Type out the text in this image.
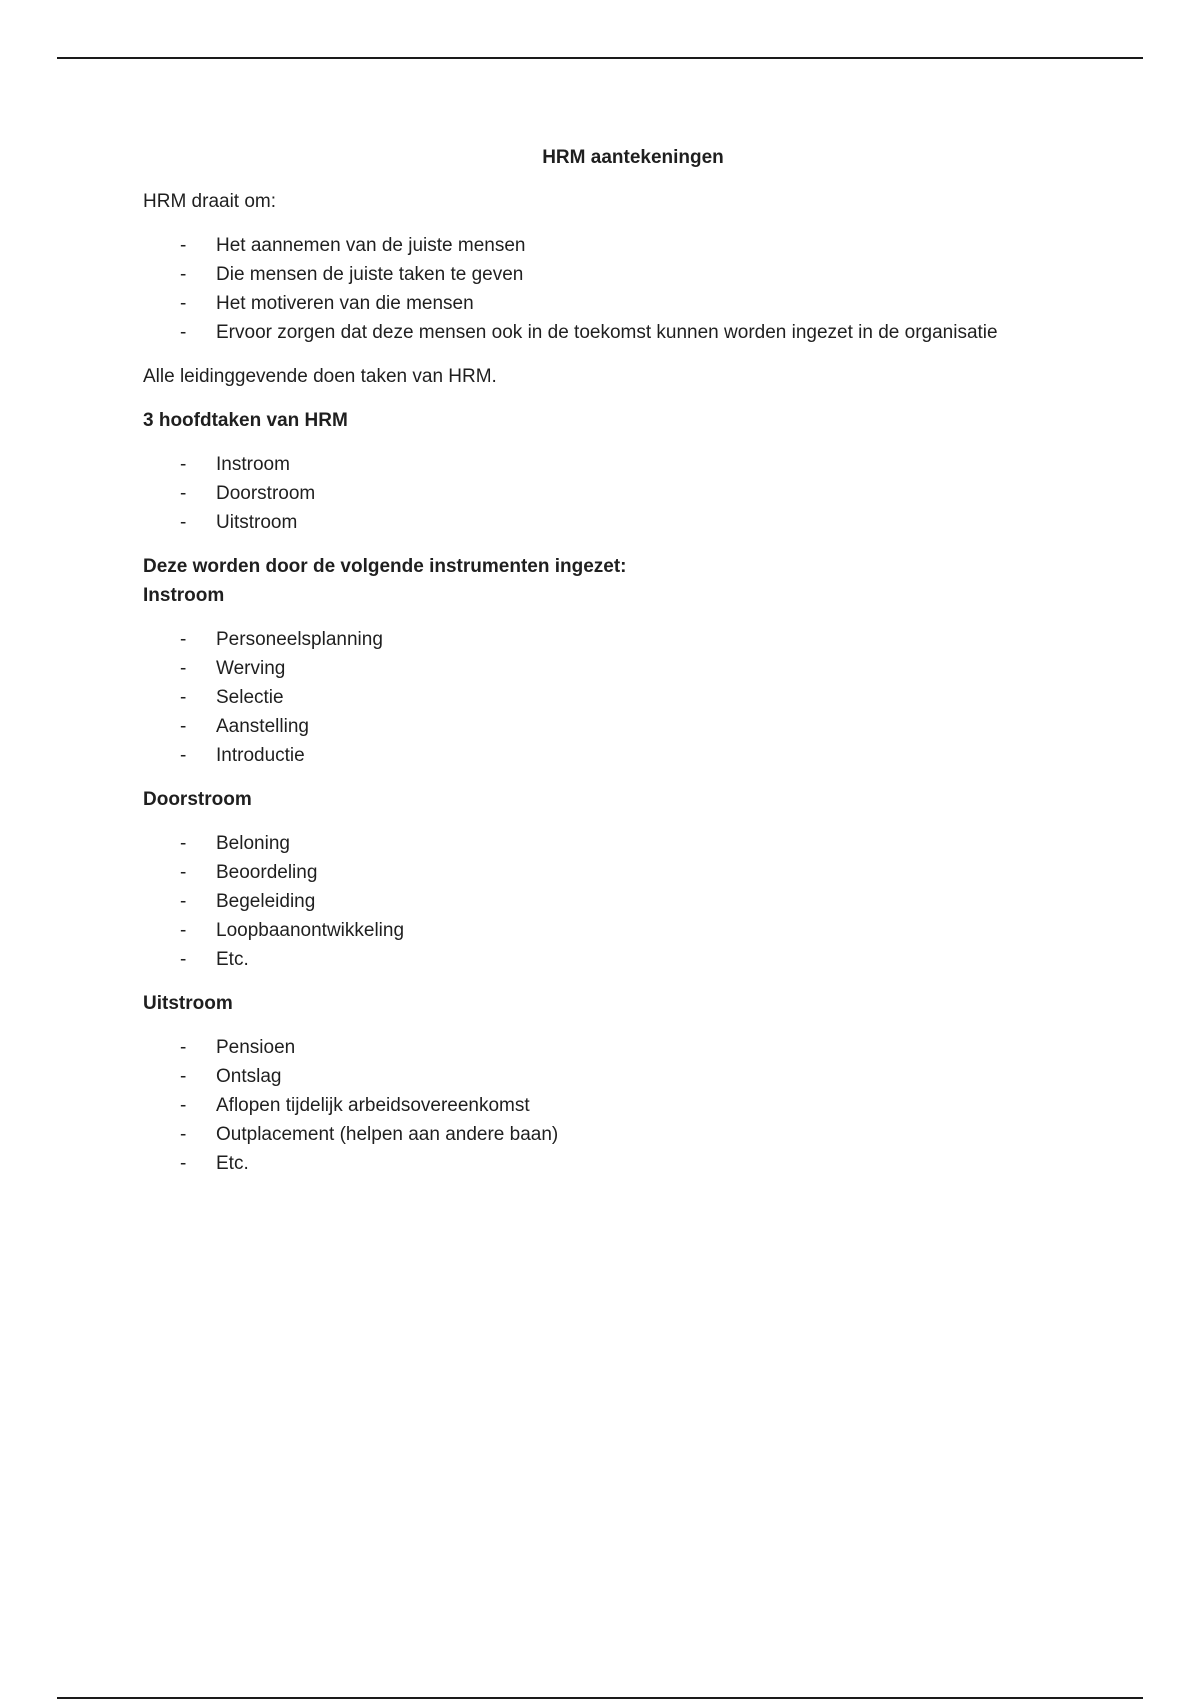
HRM aantekeningen

HRM draait om:

- Het aannemen van de juiste mensen
- Die mensen de juiste taken te geven
- Het motiveren van die mensen
- Ervoor zorgen dat deze mensen ook in de toekomst kunnen worden ingezet in de organisatie

Alle leidinggevende doen taken van HRM.

3 hoofdtaken van HRM

- Instroom
- Doorstroom
- Uitstroom
Deze worden door de volgende instrumenten ingezet:
Instroom
- Personeelsplanning
- Werving
- Selectie
- Aanstelling
- Introductie

Doorstroom

- Beloning
- Beoordeling
- Begeleiding
- Loopbaanontwikkeling
- Etc.

Uitstroom

- Pensioen
- Ontslag
- Aflopen tijdelijk arbeidsovereenkomst
- Outplacement (helpen aan andere baan)
- Etc.
